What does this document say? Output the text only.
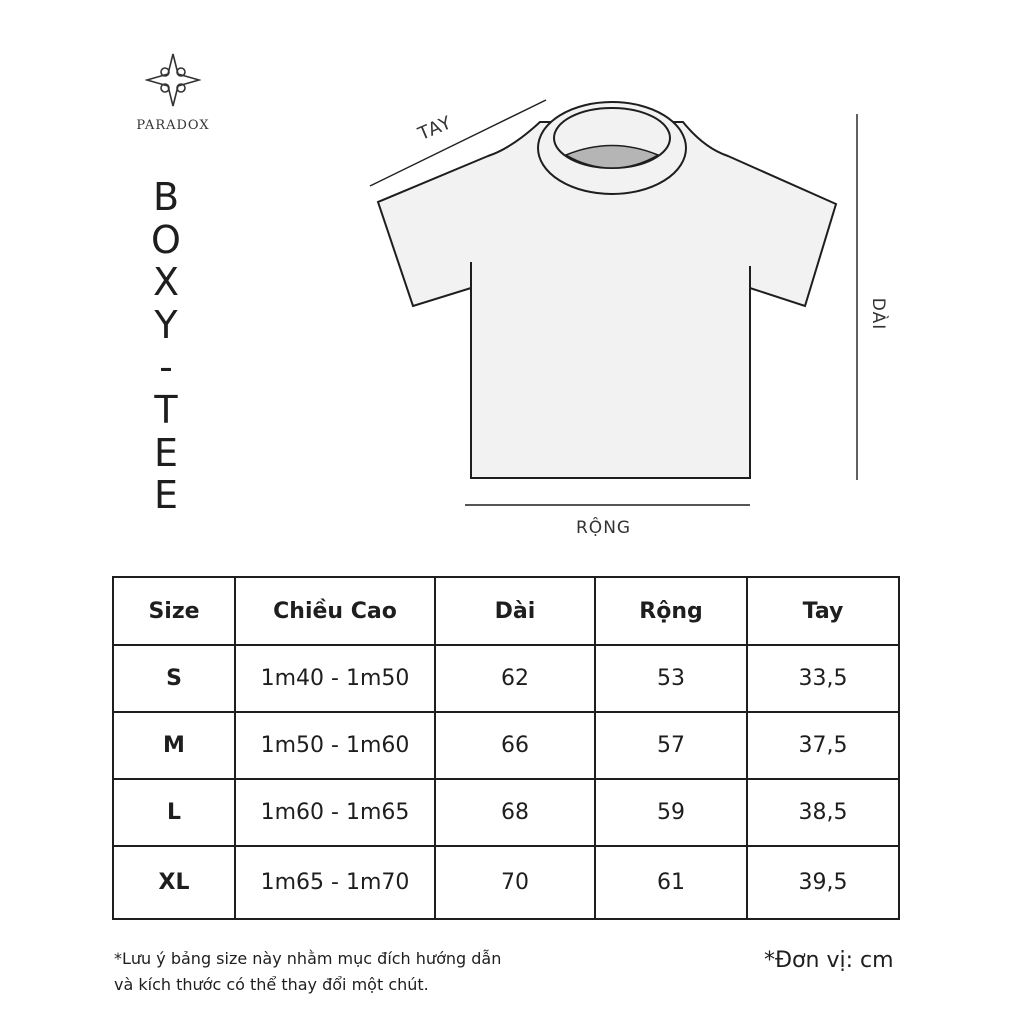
PARADOX
B
O
X
Y
-
T
E
E
TAY
DÀI
RỘNG
Size	Chiều Cao	Dài	Rộng	Tay
S	1m40 - 1m50	62	53	33,5
M	1m50 - 1m60	66	57	37,5
L	1m60 - 1m65	68	59	38,5
XL	1m65 - 1m70	70	61	39,5
*Lưu ý bảng size này nhằm mục đích hướng dẫn
và kích thước có thể thay đổi một chút.
*Đơn vị: cm
